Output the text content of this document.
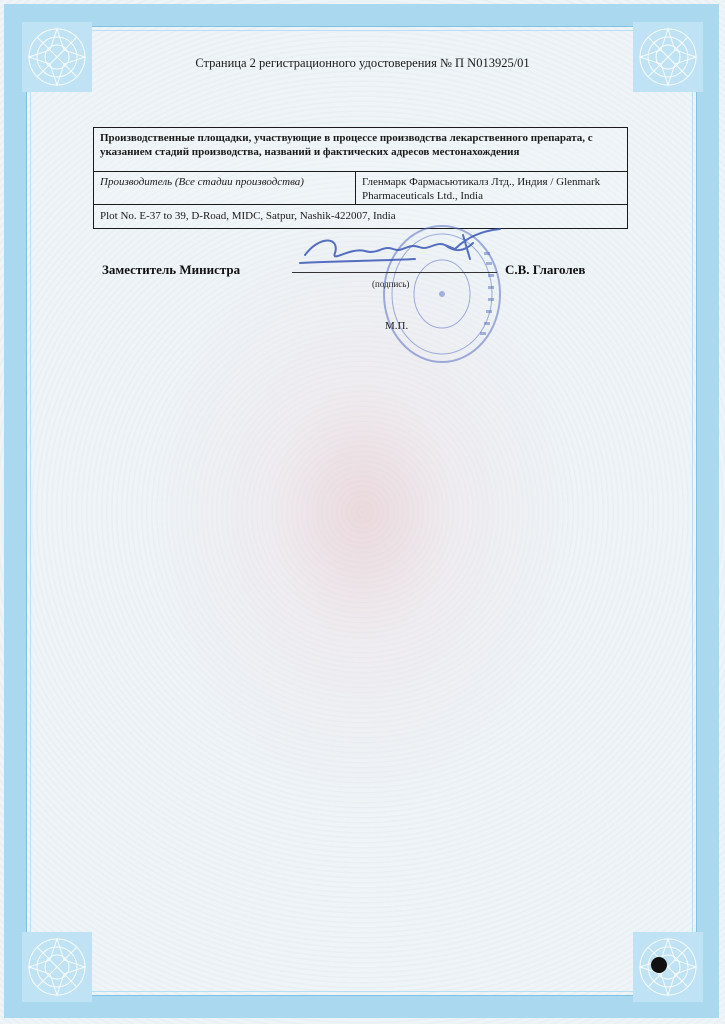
Страница 2 регистрационного удостоверения № П N013925/01
Производственные площадки, участвующие в процессе производства лекарственного препарата, с указанием стадий производства, названий и фактических адресов местонахождения
Производитель (Все стадии производства)	Гленмарк Фармасьютикалз Лтд., Индия / Glenmark Pharmaceuticals Ltd., India
Plot No. E-37 to 39, D-Road, MIDC, Satpur, Nashik-422007, India
Заместитель Министра
(подпись)
С.В. Глаголев
М.П.
